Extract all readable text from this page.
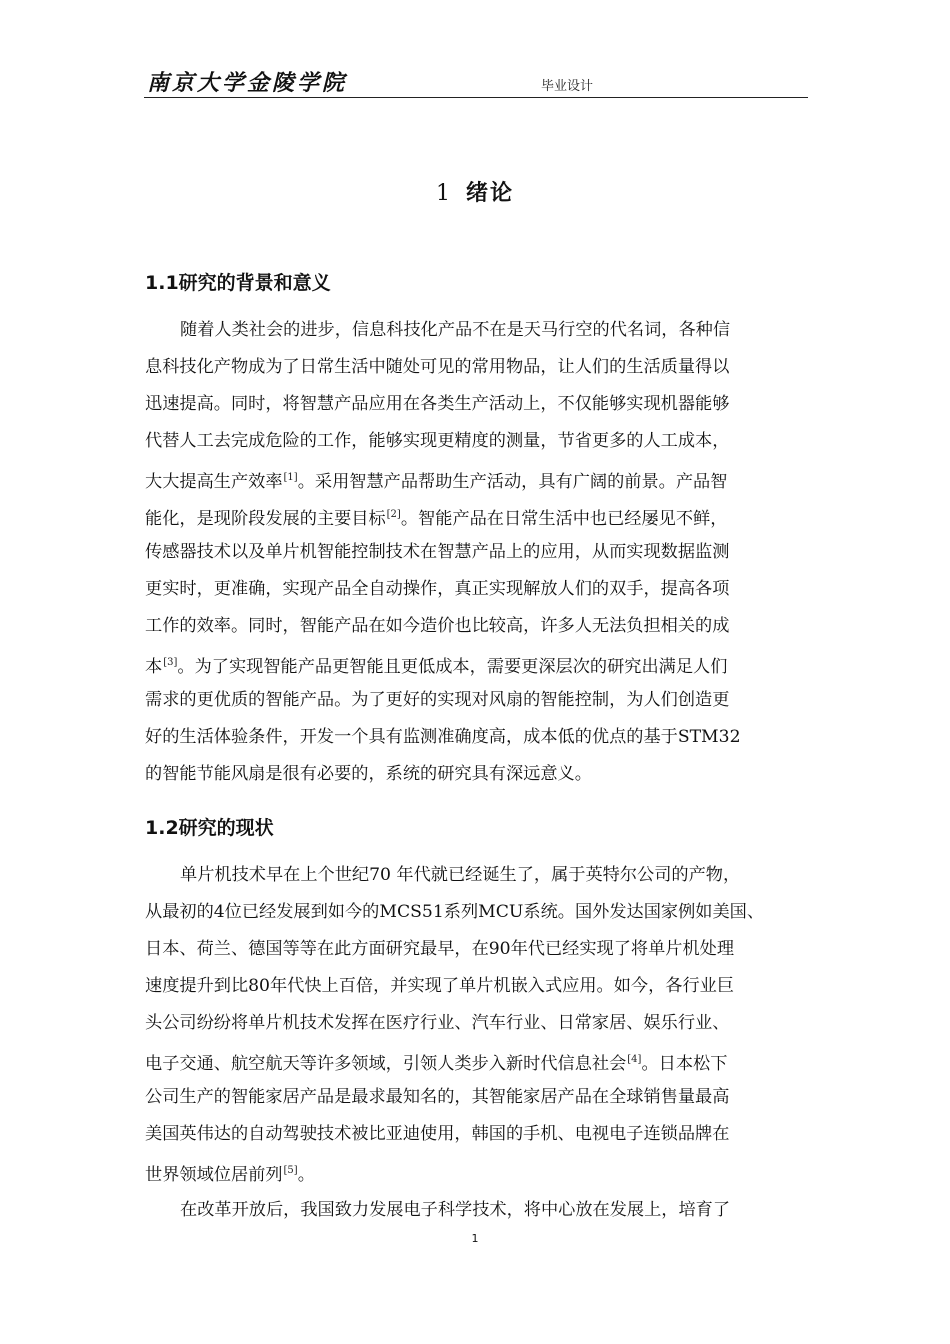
南京大学金陵学院	毕业设计
1 绪论
1.1研究的背景和意义
随着人类社会的进步，信息科技化产品不在是天马行空的代名词，各种信
息科技化产物成为了日常生活中随处可见的常用物品，让人们的生活质量得以
迅速提高。同时，将智慧产品应用在各类生产活动上，不仅能够实现机器能够
代替人工去完成危险的工作，能够实现更精度的测量，节省更多的人工成本，
大大提高生产效率[1]。采用智慧产品帮助生产活动，具有广阔的前景。产品智
能化，是现阶段发展的主要目标[2]。智能产品在日常生活中也已经屡见不鲜，
传感器技术以及单片机智能控制技术在智慧产品上的应用，从而实现数据监测
更实时，更准确，实现产品全自动操作，真正实现解放人们的双手，提高各项
工作的效率。同时，智能产品在如今造价也比较高，许多人无法负担相关的成
本[3]。为了实现智能产品更智能且更低成本，需要更深层次的研究出满足人们
需求的更优质的智能产品。为了更好的实现对风扇的智能控制，为人们创造更
好的生活体验条件，开发一个具有监测准确度高，成本低的优点的基于STM32
的智能节能风扇是很有必要的，系统的研究具有深远意义。
1.2研究的现状
单片机技术早在上个世纪70 年代就已经诞生了，属于英特尔公司的产物，
从最初的4位已经发展到如今的MCS51系列MCU系统。国外发达国家例如美国、
日本、荷兰、德国等等在此方面研究最早，在90年代已经实现了将单片机处理
速度提升到比80年代快上百倍，并实现了单片机嵌入式应用。如今，各行业巨
头公司纷纷将单片机技术发挥在医疗行业、汽车行业、日常家居、娱乐行业、
电子交通、航空航天等许多领域，引领人类步入新时代信息社会[4]。日本松下
公司生产的智能家居产品是最求最知名的，其智能家居产品在全球销售量最高
美国英伟达的自动驾驶技术被比亚迪使用，韩国的手机、电视电子连锁品牌在
世界领域位居前列[5]。
在改革开放后，我国致力发展电子科学技术，将中心放在发展上，培育了
1
